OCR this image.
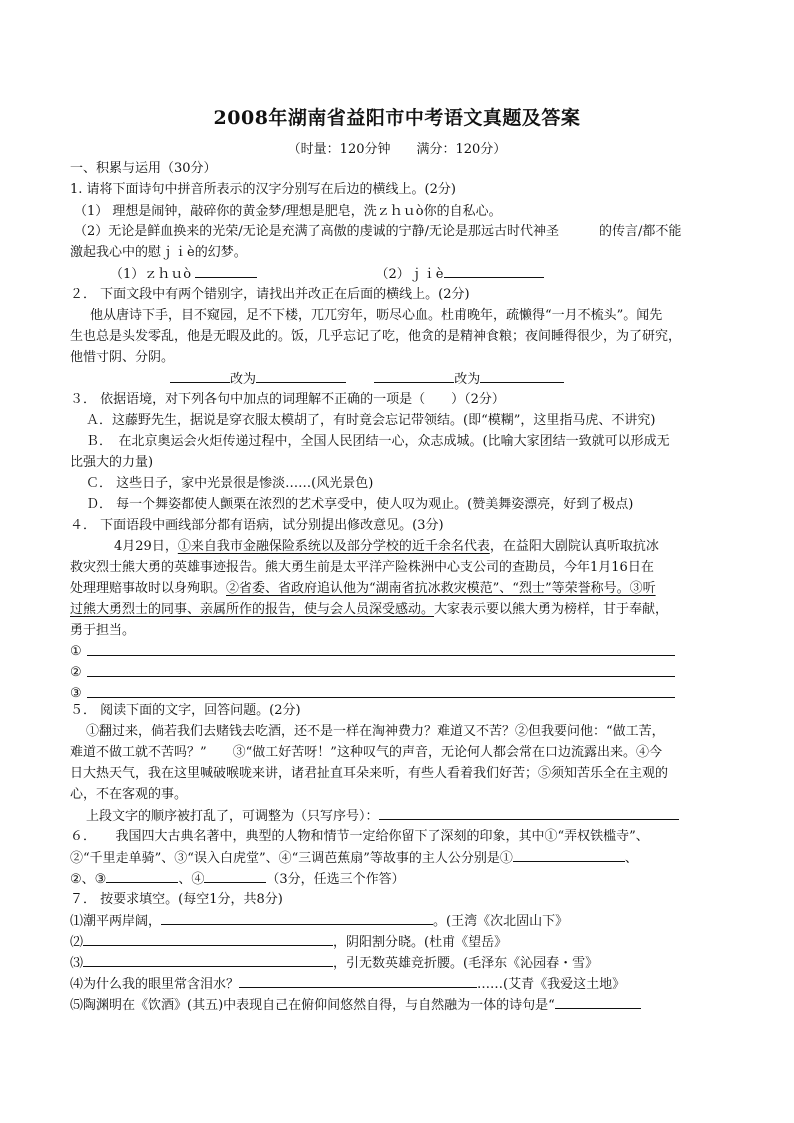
2008年湖南省益阳市中考语文真题及答案
（时量：120分钟　　满分：120分）
一、积累与运用（30分）
1. 请将下面诗句中拼音所表示的汉字分别写在后边的横线上。(2分)
（1） 理想是闹钟，敲碎你的黄金梦/理想是肥皂，洗ｚｈｕò你的自私心。
（2）无论是鲜血换来的光荣/无论是充满了高傲的虔诚的宁静/无论是那远古时代神圣	的传言/都不能
激起我心中的慰ｊｉè的幻梦。
（1）ｚｈｕò	（2）ｊｉè
２． 下面文段中有两个错别字，请找出并改正在后面的横线上。(2分)
他从唐诗下手，目不窥园，足不下楼，兀兀穷年，呖尽心血。杜甫晚年，疏懒得“一月不梳头”。闻先
生也总是头发零乱，他是无暇及此的。饭，几乎忘记了吃，他贪的是精神食粮；夜间睡得很少，为了研究，
他惜寸阴、分阴。
改为	改为
３． 依据语境，对下列各句中加点的词理解不正确的一项是（　　）（2分）
Ａ．这藤野先生，据说是穿衣服太模胡了，有时竟会忘记带领结。(即“模糊”，这里指马虎、不讲究)
Ｂ．　在北京奥运会火炬传递过程中，全国人民团结一心，众志成城。(比喻大家团结一致就可以形成无
比强大的力量)
Ｃ． 这些日子，家中光景很是惨淡……(风光景色)
Ｄ． 每一个舞姿都使人颤栗在浓烈的艺术享受中，使人叹为观止。(赞美舞姿漂亮，好到了极点)
４． 下面语段中画线部分都有语病，试分别提出修改意见。(3分)
4月29日，①来自我市金融保险系统以及部分学校的近千余名代表，在益阳大剧院认真听取抗冰
救灾烈士熊大勇的英雄事迹报告。熊大勇生前是太平洋产险株洲中心支公司的查勘员，今年1月16日在
处理理赔事故时以身殉职。②省委、省政府追认他为“湖南省抗冰救灾模范”、“烈士”等荣誉称号。③听
过熊大勇烈士的同事、亲属所作的报告，使与会人员深受感动。大家表示要以熊大勇为榜样，甘于奉献，
勇于担当。
①
②
③
５． 阅读下面的文字，回答问题。(2分)
①翻过来，倘若我们去赌钱去吃酒，还不是一样在淘神费力？难道又不苦？②但我要问他：“做工苦，
难道不做工就不苦吗？”　　③“做工好苦呀！”这种叹气的声音，无论何人都会常在口边流露出来。④今
日大热天气，我在这里喊破喉咙来讲，诸君扯直耳朵来听，有些人看着我们好苦；⑤须知苦乐全在主观的
心，不在客观的事。
上段文字的顺序被打乱了，可调整为（只写序号）：
６．　　我国四大古典名著中，典型的人物和情节一定给你留下了深刻的印象，其中①“弄权铁槛寺”、
②“千里走单骑”、③“误入白虎堂”、④“三调芭蕉扇”等故事的主人公分别是①	、
②、③	、④	（3分，任选三个作答）
７． 按要求填空。(每空1分，共8分)
⑴潮平两岸阔，	。(王湾《次北固山下》
⑵	，阴阳割分晓。(杜甫《望岳》
⑶	，引无数英雄竞折腰。(毛泽东《沁园春・雪》
⑷为什么我的眼里常含泪水？	……(艾青《我爱这土地》
⑸陶渊明在《饮酒》(其五)中表现自己在俯仰间悠然自得，与自然融为一体的诗句是“
